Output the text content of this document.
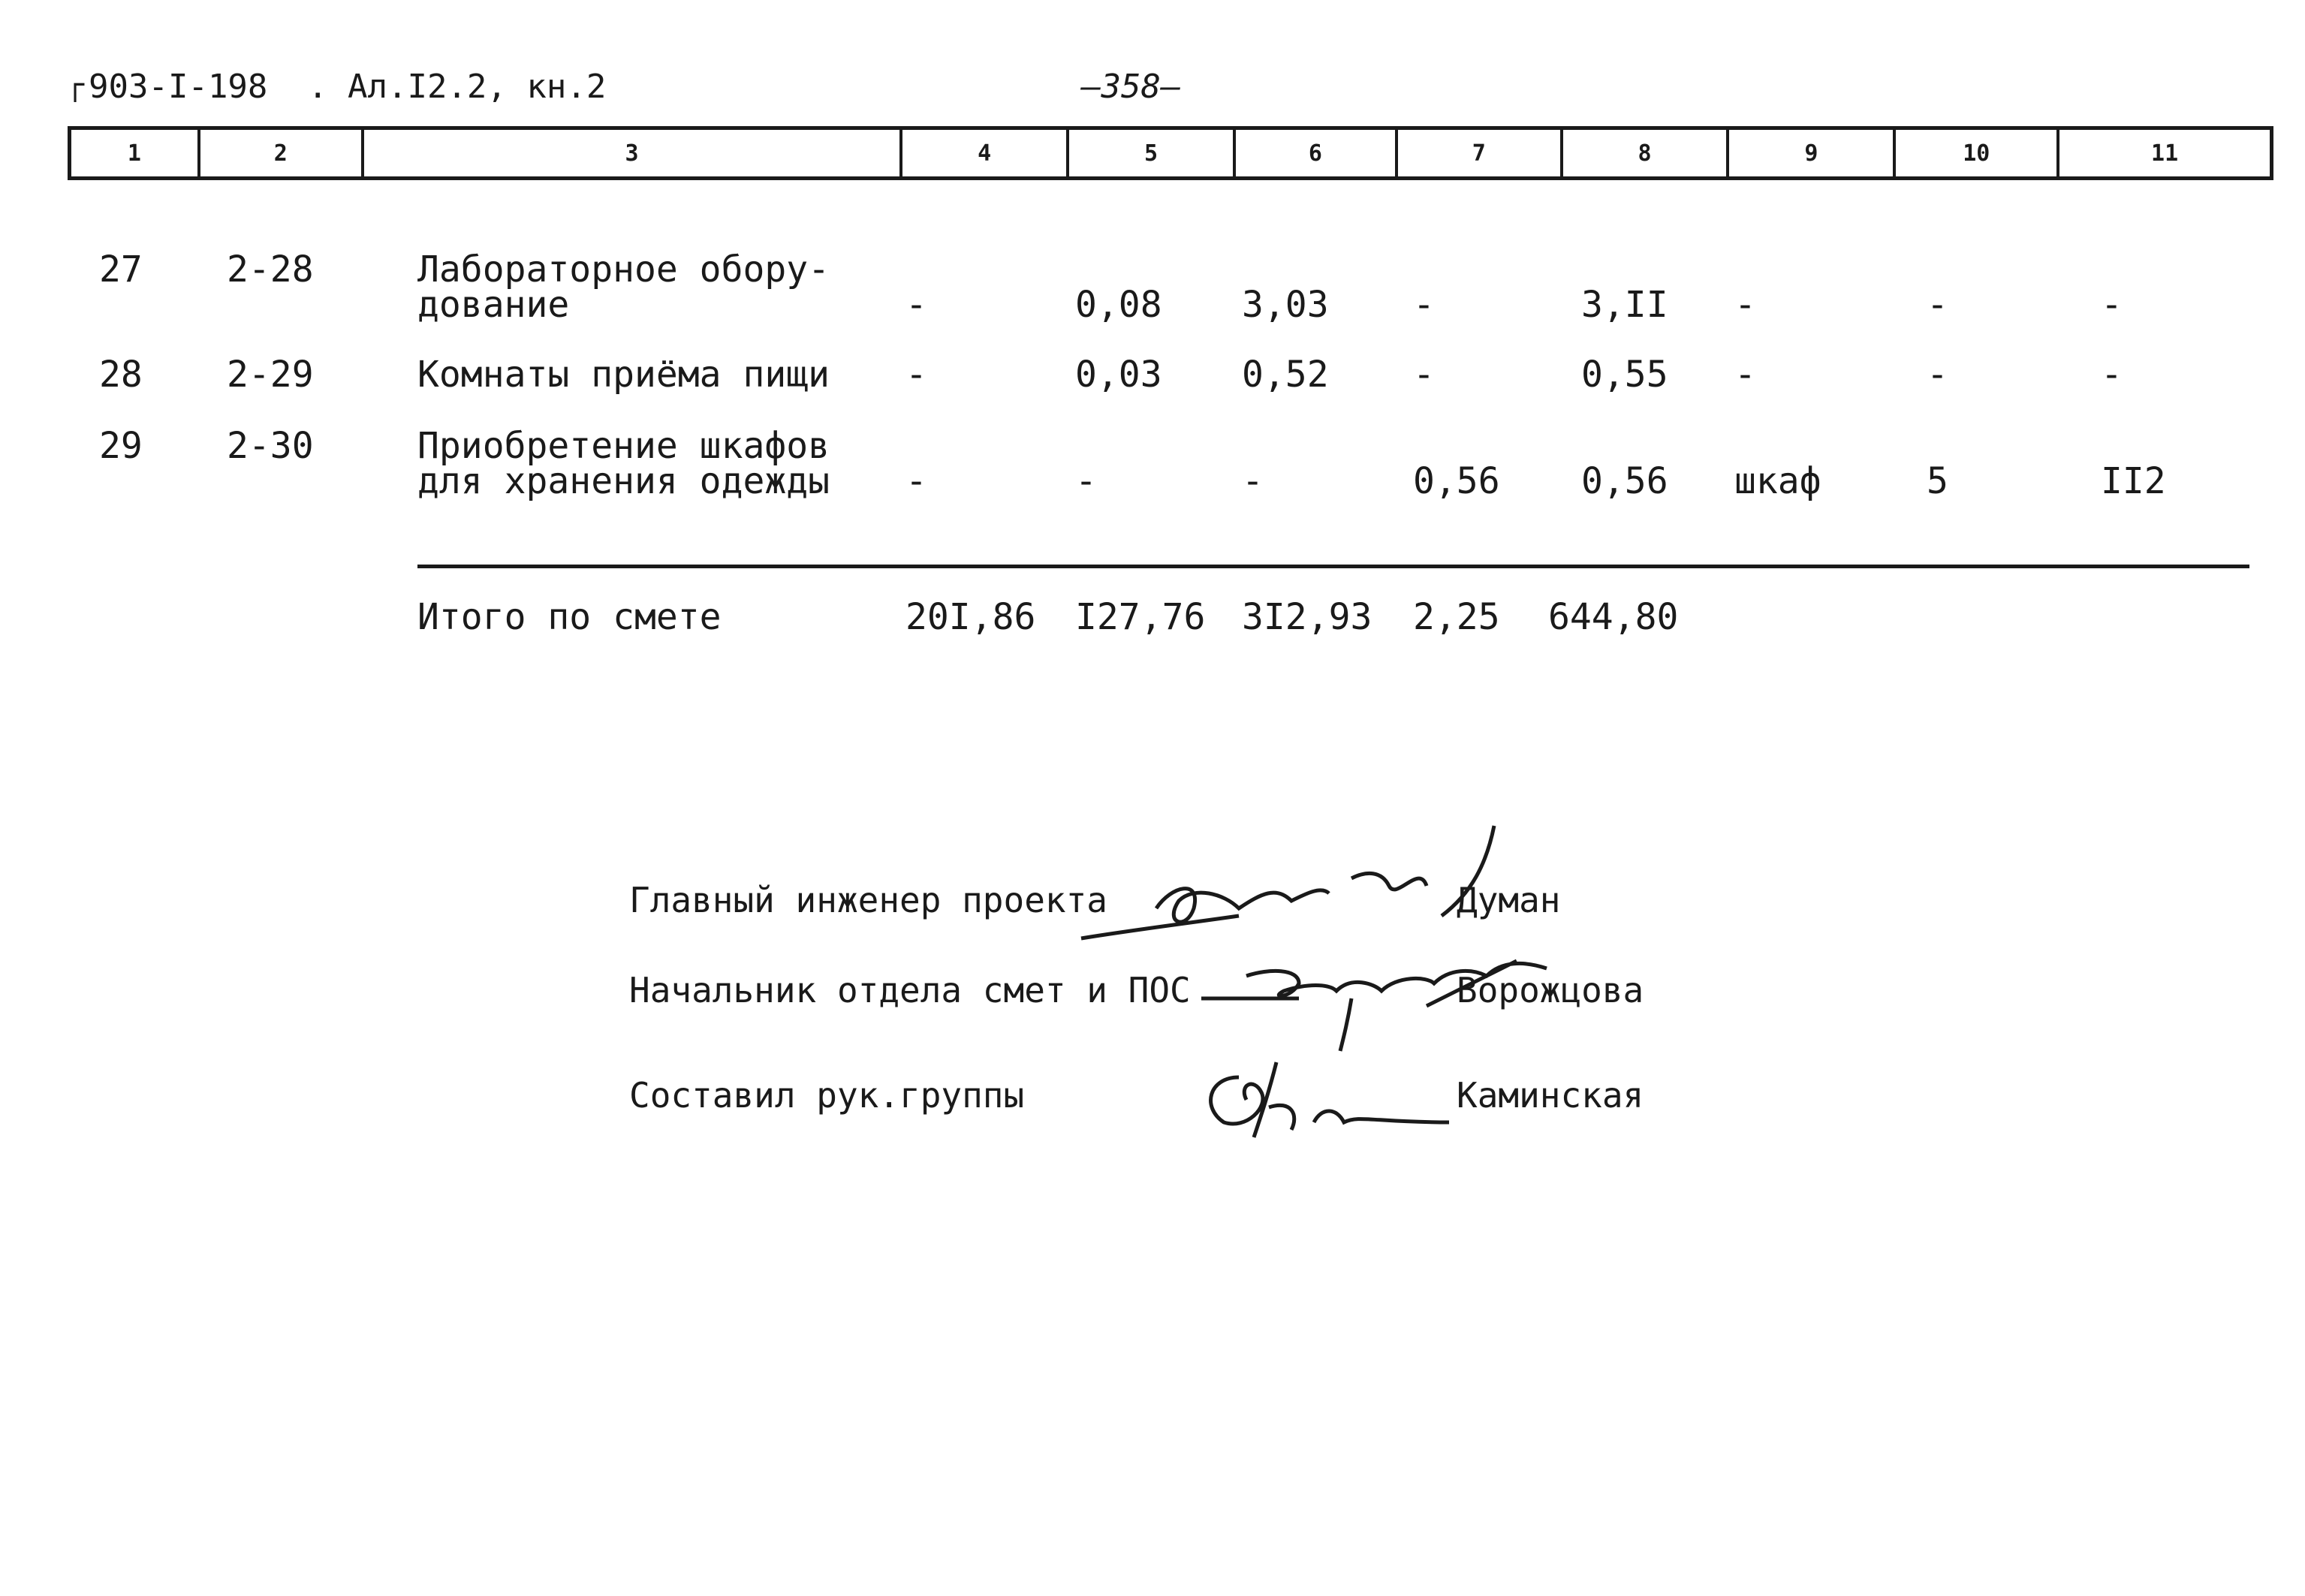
┌ 903-I-198 . Ал.I2.2, кн.2	—358—
1	2	3	4	5	6	7	8	9	10	11
27 2-28	Лабораторное обору-
дование	-	0,08 3,03 -	3,II -	-	-
28 2-29	Комнаты приёма пищи -	0,03 0,52 -	0,55 -	-	-
29 2-30	Приобретение шкафов
для хранения одежды -	-	-	0,56 0,56 шкаф	5	II2
Итого по смете	20I,86 I27,76 3I2,93 2,25 644,80
Главный инженер проекта	Думан
Начальник отдела смет и ПОС	Ворожцова
Составил рук.группы	Каминская
